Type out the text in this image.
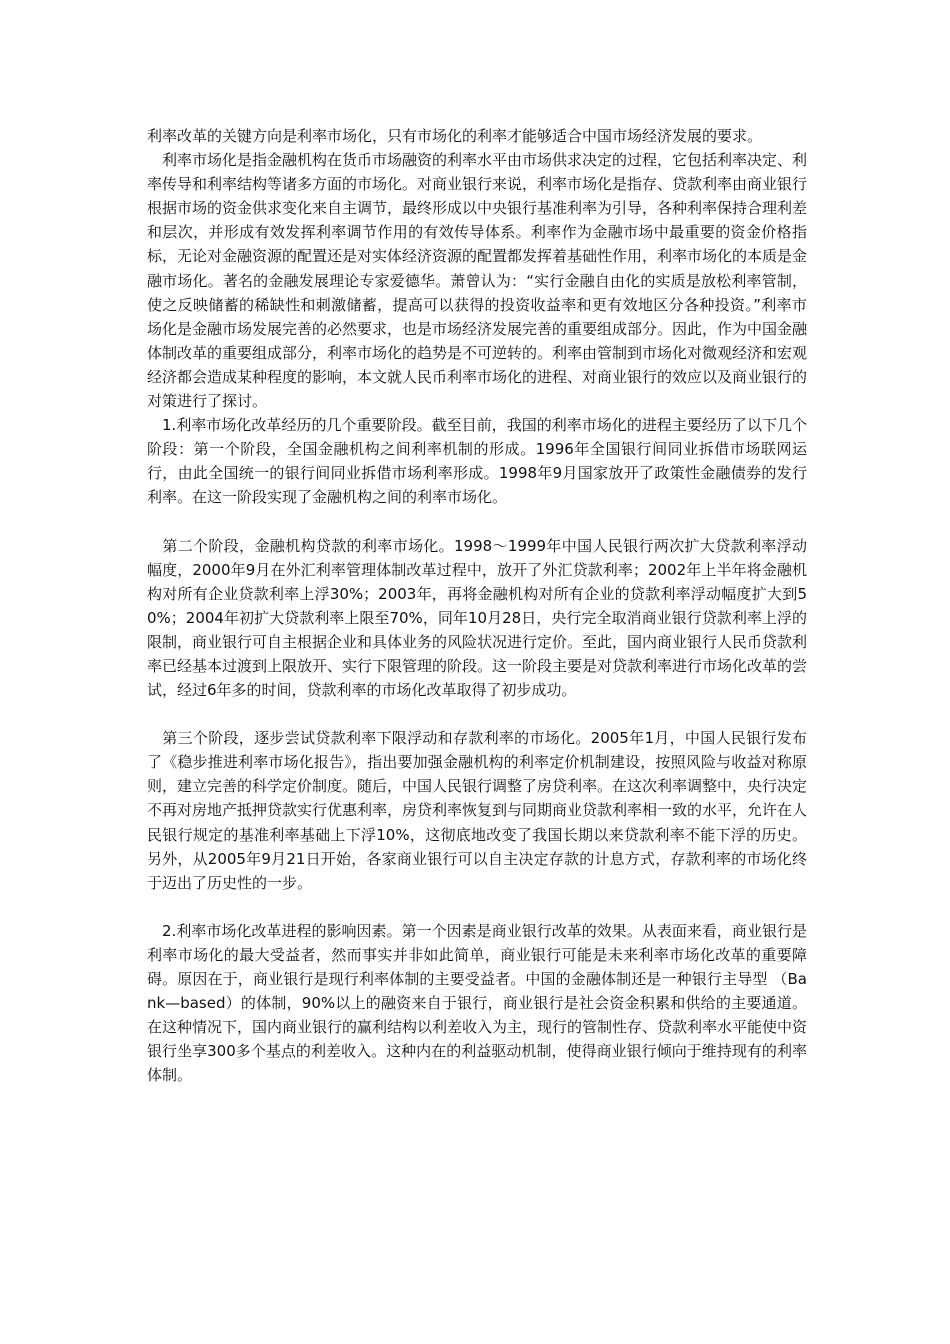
利率改革的关键方向是利率市场化，只有市场化的利率才能够适合中国市场经济发展的要求。

　利率市场化是指金融机构在货币市场融资的利率水平由市场供求决定的过程，它包括利率决定、利率传导和利率结构等诸多方面的市场化。对商业银行来说，利率市场化是指存、贷款利率由商业银行根据市场的资金供求变化来自主调节，最终形成以中央银行基准利率为引导，各种利率保持合理利差和层次，并形成有效发挥利率调节作用的有效传导体系。利率作为金融市场中最重要的资金价格指标，无论对金融资源的配置还是对实体经济资源的配置都发挥着基础性作用，利率市场化的本质是金融市场化。著名的金融发展理论专家爱德华。萧曾认为：“实行金融自由化的实质是放松利率管制，使之反映储蓄的稀缺性和刺激储蓄，提高可以获得的投资收益率和更有效地区分各种投资。”利率市场化是金融市场发展完善的必然要求，也是市场经济发展完善的重要组成部分。因此，作为中国金融体制改革的重要组成部分，利率市场化的趋势是不可逆转的。利率由管制到市场化对微观经济和宏观经济都会造成某种程度的影响，本文就人民币利率市场化的进程、对商业银行的效应以及商业银行的对策进行了探讨。

　1.利率市场化改革经历的几个重要阶段。截至目前，我国的利率市场化的进程主要经历了以下几个阶段：第一个阶段，全国金融机构之间利率机制的形成。1996年全国银行间同业拆借市场联网运行，由此全国统一的银行间同业拆借市场利率形成。1998年9月国家放开了政策性金融债券的发行利率。在这一阶段实现了金融机构之间的利率市场化。

　第二个阶段，金融机构贷款的利率市场化。1998～1999年中国人民银行两次扩大贷款利率浮动幅度，2000年9月在外汇利率管理体制改革过程中，放开了外汇贷款利率；2002年上半年将金融机构对所有企业贷款利率上浮30%；2003年，再将金融机构对所有企业的贷款利率浮动幅度扩大到50%；2004年初扩大贷款利率上限至70%，同年10月28日，央行完全取消商业银行贷款利率上浮的限制，商业银行可自主根据企业和具体业务的风险状况进行定价。至此，国内商业银行人民币贷款利率已经基本过渡到上限放开、实行下限管理的阶段。这一阶段主要是对贷款利率进行市场化改革的尝试，经过6年多的时间，贷款利率的市场化改革取得了初步成功。

　第三个阶段，逐步尝试贷款利率下限浮动和存款利率的市场化。2005年1月，中国人民银行发布了《稳步推进利率市场化报告》，指出要加强金融机构的利率定价机制建设，按照风险与收益对称原则，建立完善的科学定价制度。随后，中国人民银行调整了房贷利率。在这次利率调整中，央行决定不再对房地产抵押贷款实行优惠利率，房贷利率恢复到与同期商业贷款利率相一致的水平，允许在人民银行规定的基准利率基础上下浮10%，这彻底地改变了我国长期以来贷款利率不能下浮的历史。另外，从2005年9月21日开始，各家商业银行可以自主决定存款的计息方式，存款利率的市场化终于迈出了历史性的一步。

　2.利率市场化改革进程的影响因素。第一个因素是商业银行改革的效果。从表面来看，商业银行是利率市场化的最大受益者，然而事实并非如此简单，商业银行可能是未来利率市场化改革的重要障碍。原因在于，商业银行是现行利率体制的主要受益者。中国的金融体制还是一种银行主导型 （Bank—based）的体制，90%以上的融资来自于银行，商业银行是社会资金积累和供给的主要通道。在这种情况下，国内商业银行的赢利结构以利差收入为主，现行的管制性存、贷款利率水平能使中资银行坐享300多个基点的利差收入。这种内在的利益驱动机制，使得商业银行倾向于维持现有的利率体制。
